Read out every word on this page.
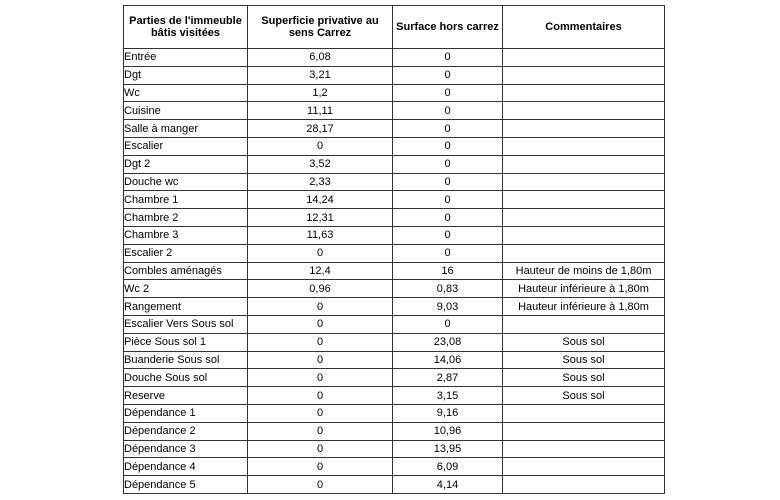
Parties de l'immeuble bâtis visitées	Superficie privative au sens Carrez	Surface hors carrez	Commentaires
Entrée	6,08	0	
Dgt	3,21	0	
Wc	1,2	0	
Cuisine	11,11	0	
Salle à manger	28,17	0	
Escalier	0	0	
Dgt 2	3,52	0	
Douche wc	2,33	0	
Chambre 1	14,24	0	
Chambre 2	12,31	0	
Chambre 3	11,63	0	
Escalier 2	0	0	
Combles aménagés	12,4	16	Hauteur de moins de 1,80m
Wc 2	0,96	0,83	Hauteur inférieure à 1,80m
Rangement	0	9,03	Hauteur inférieure à 1,80m
Escalier Vers Sous sol	0	0	
Pièce Sous sol 1	0	23,08	Sous sol
Buanderie Sous sol	0	14,06	Sous sol
Douche Sous sol	0	2,87	Sous sol
Reserve	0	3,15	Sous sol
Dépendance 1	0	9,16	
Dépendance 2	0	10,96	
Dépendance 3	0	13,95	
Dépendance 4	0	6,09	
Dépendance 5	0	4,14	
